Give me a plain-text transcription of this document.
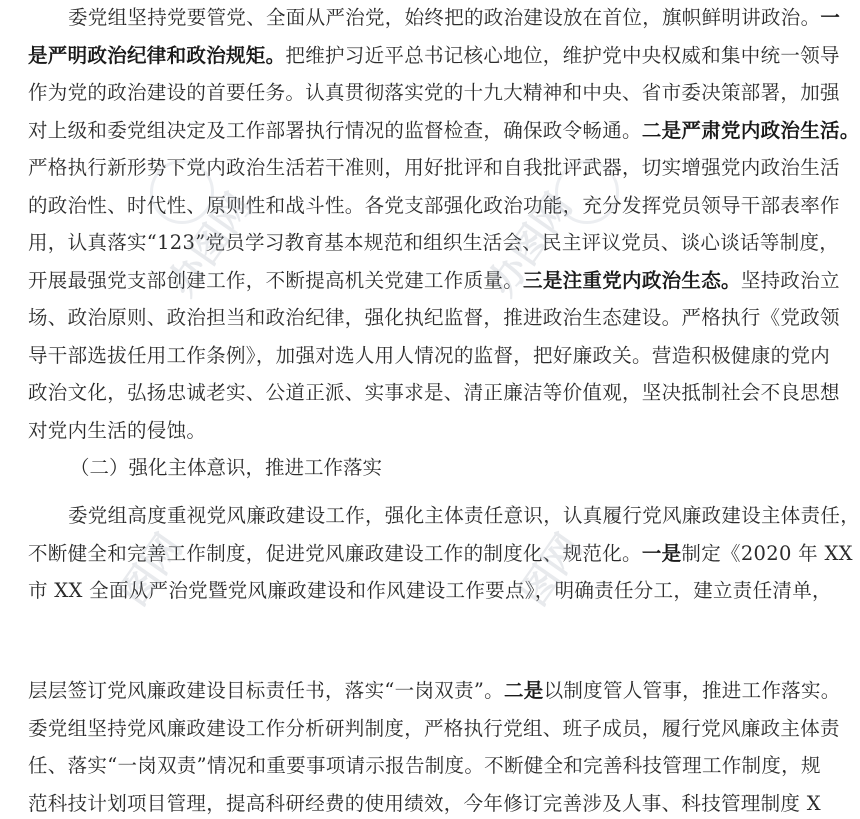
委党组坚持党要管党、全面从严治党，始终把的政治建设放在首位，旗帜鲜明讲政治。一
是严明政治纪律和政治规矩。把维护习近平总书记核心地位，维护党中央权威和集中统一领导
作为党的政治建设的首要任务。认真贯彻落实党的十九大精神和中央、省市委决策部署，加强
对上级和委党组决定及工作部署执行情况的监督检查，确保政令畅通。二是严肃党内政治生活。
严格执行新形势下党内政治生活若干准则，用好批评和自我批评武器，切实增强党内政治生活
的政治性、时代性、原则性和战斗性。各党支部强化政治功能，充分发挥党员领导干部表率作
用，认真落实“123”党员学习教育基本规范和组织生活会、民主评议党员、谈心谈话等制度，
开展最强党支部创建工作，不断提高机关党建工作质量。三是注重党内政治生态。坚持政治立
场、政治原则、政治担当和政治纪律，强化执纪监督，推进政治生态建设。严格执行《党政领
导干部选拔任用工作条例》，加强对选人用人情况的监督，把好廉政关。营造积极健康的党内
政治文化，弘扬忠诚老实、公道正派、实事求是、清正廉洁等价值观，坚决抵制社会不良思想
对党内生活的侵蚀。
（二）强化主体意识，推进工作落实
委党组高度重视党风廉政建设工作，强化主体责任意识，认真履行党风廉政建设主体责任，
不断健全和完善工作制度，促进党风廉政建设工作的制度化、规范化。一是制定《2020 年 XX
市 XX 全面从严治党暨党风廉政建设和作风建设工作要点》，明确责任分工，建立责任清单，
层层签订党风廉政建设目标责任书，落实“一岗双责”。二是以制度管人管事，推进工作落实。
委党组坚持党风廉政建设工作分析研判制度，严格执行党组、班子成员，履行党风廉政主体责
任、落实“一岗双责”情况和重要事项请示报告制度。不断健全和完善科技管理工作制度，规
范科技计划项目管理，提高科研经费的使用绩效，今年修订完善涉及人事、科技管理制度 X
图网
办图网
图网
办图网
